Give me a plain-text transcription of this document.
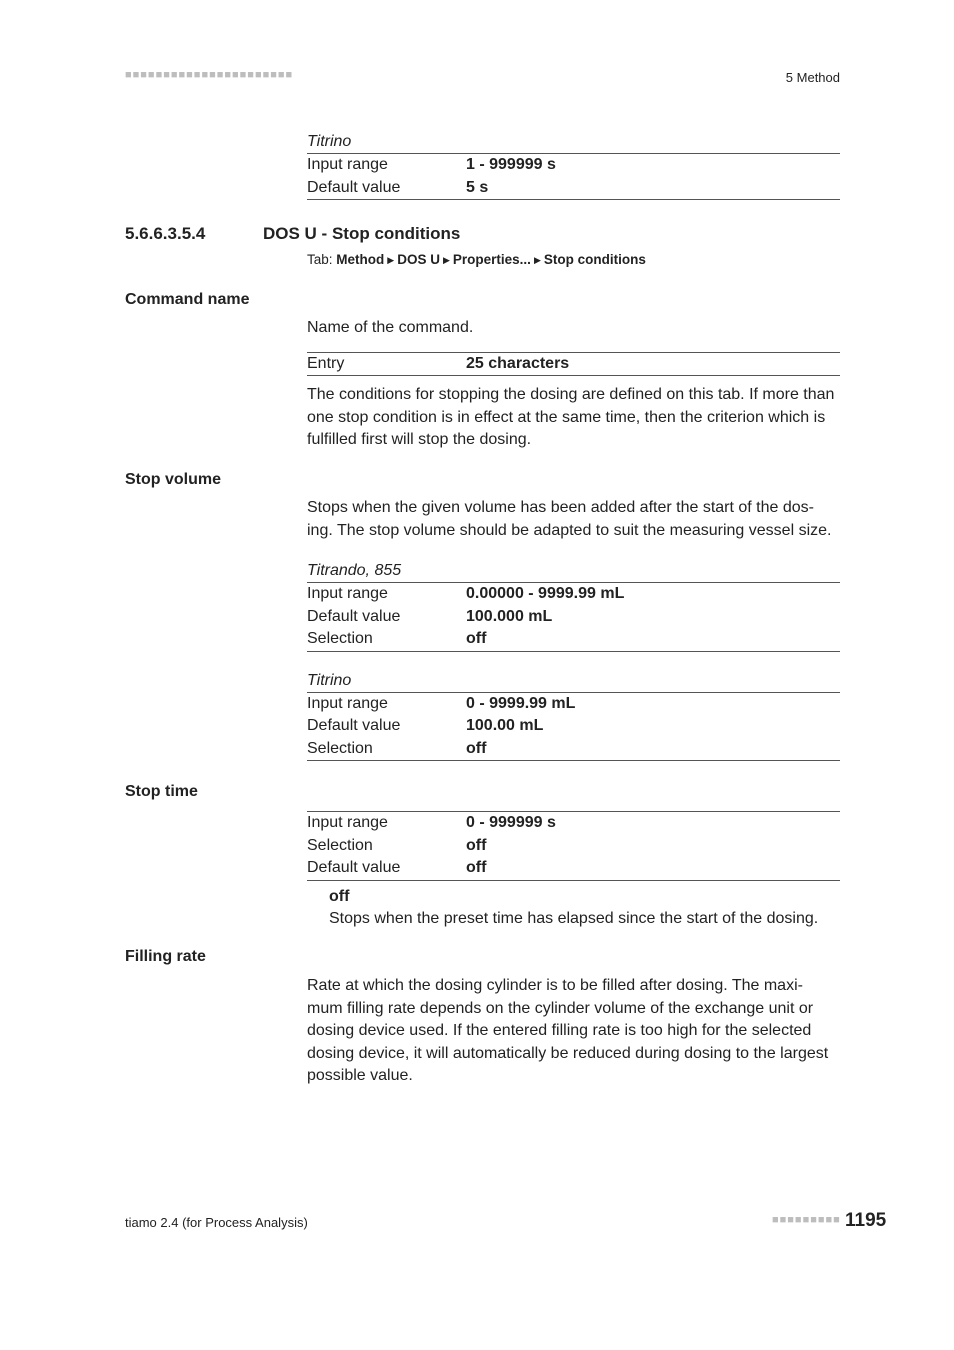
■■■■■■■■■■■■■■■■■■■■■■	5 Method
Titrino
Input range	1 - 999999 s
Default value	5 s
5.6.6.3.5.4	DOS U - Stop conditions
Tab: Method ▶ DOS U ▶ Properties... ▶ Stop conditions
Command name

Name of the command.

Entry	25 characters

The conditions for stopping the dosing are defined on this tab. If more than one stop condition is in effect at the same time, then the criterion which is fulfilled first will stop the dosing.

Stop volume

Stops when the given volume has been added after the start of the dos- ing. The stop volume should be adapted to suit the measuring vessel size.

Titrando, 855
Input range	0.00000 - 9999.99 mL
Default value	100.000 mL
Selection	off
Titrino
Input range	0 - 9999.99 mL
Default value	100.00 mL
Selection	off
Stop time
Input range	0 - 999999 s
Selection	off
Default value	off
off
Stops when the preset time has elapsed since the start of the dosing.
Filling rate

Rate at which the dosing cylinder is to be filled after dosing. The maxi- mum filling rate depends on the cylinder volume of the exchange unit or dosing device used. If the entered filling rate is too high for the selected dosing device, it will automatically be reduced during dosing to the largest possible value.

tiamo 2.4 (for Process Analysis)	■■■■■■■■■ 1195
